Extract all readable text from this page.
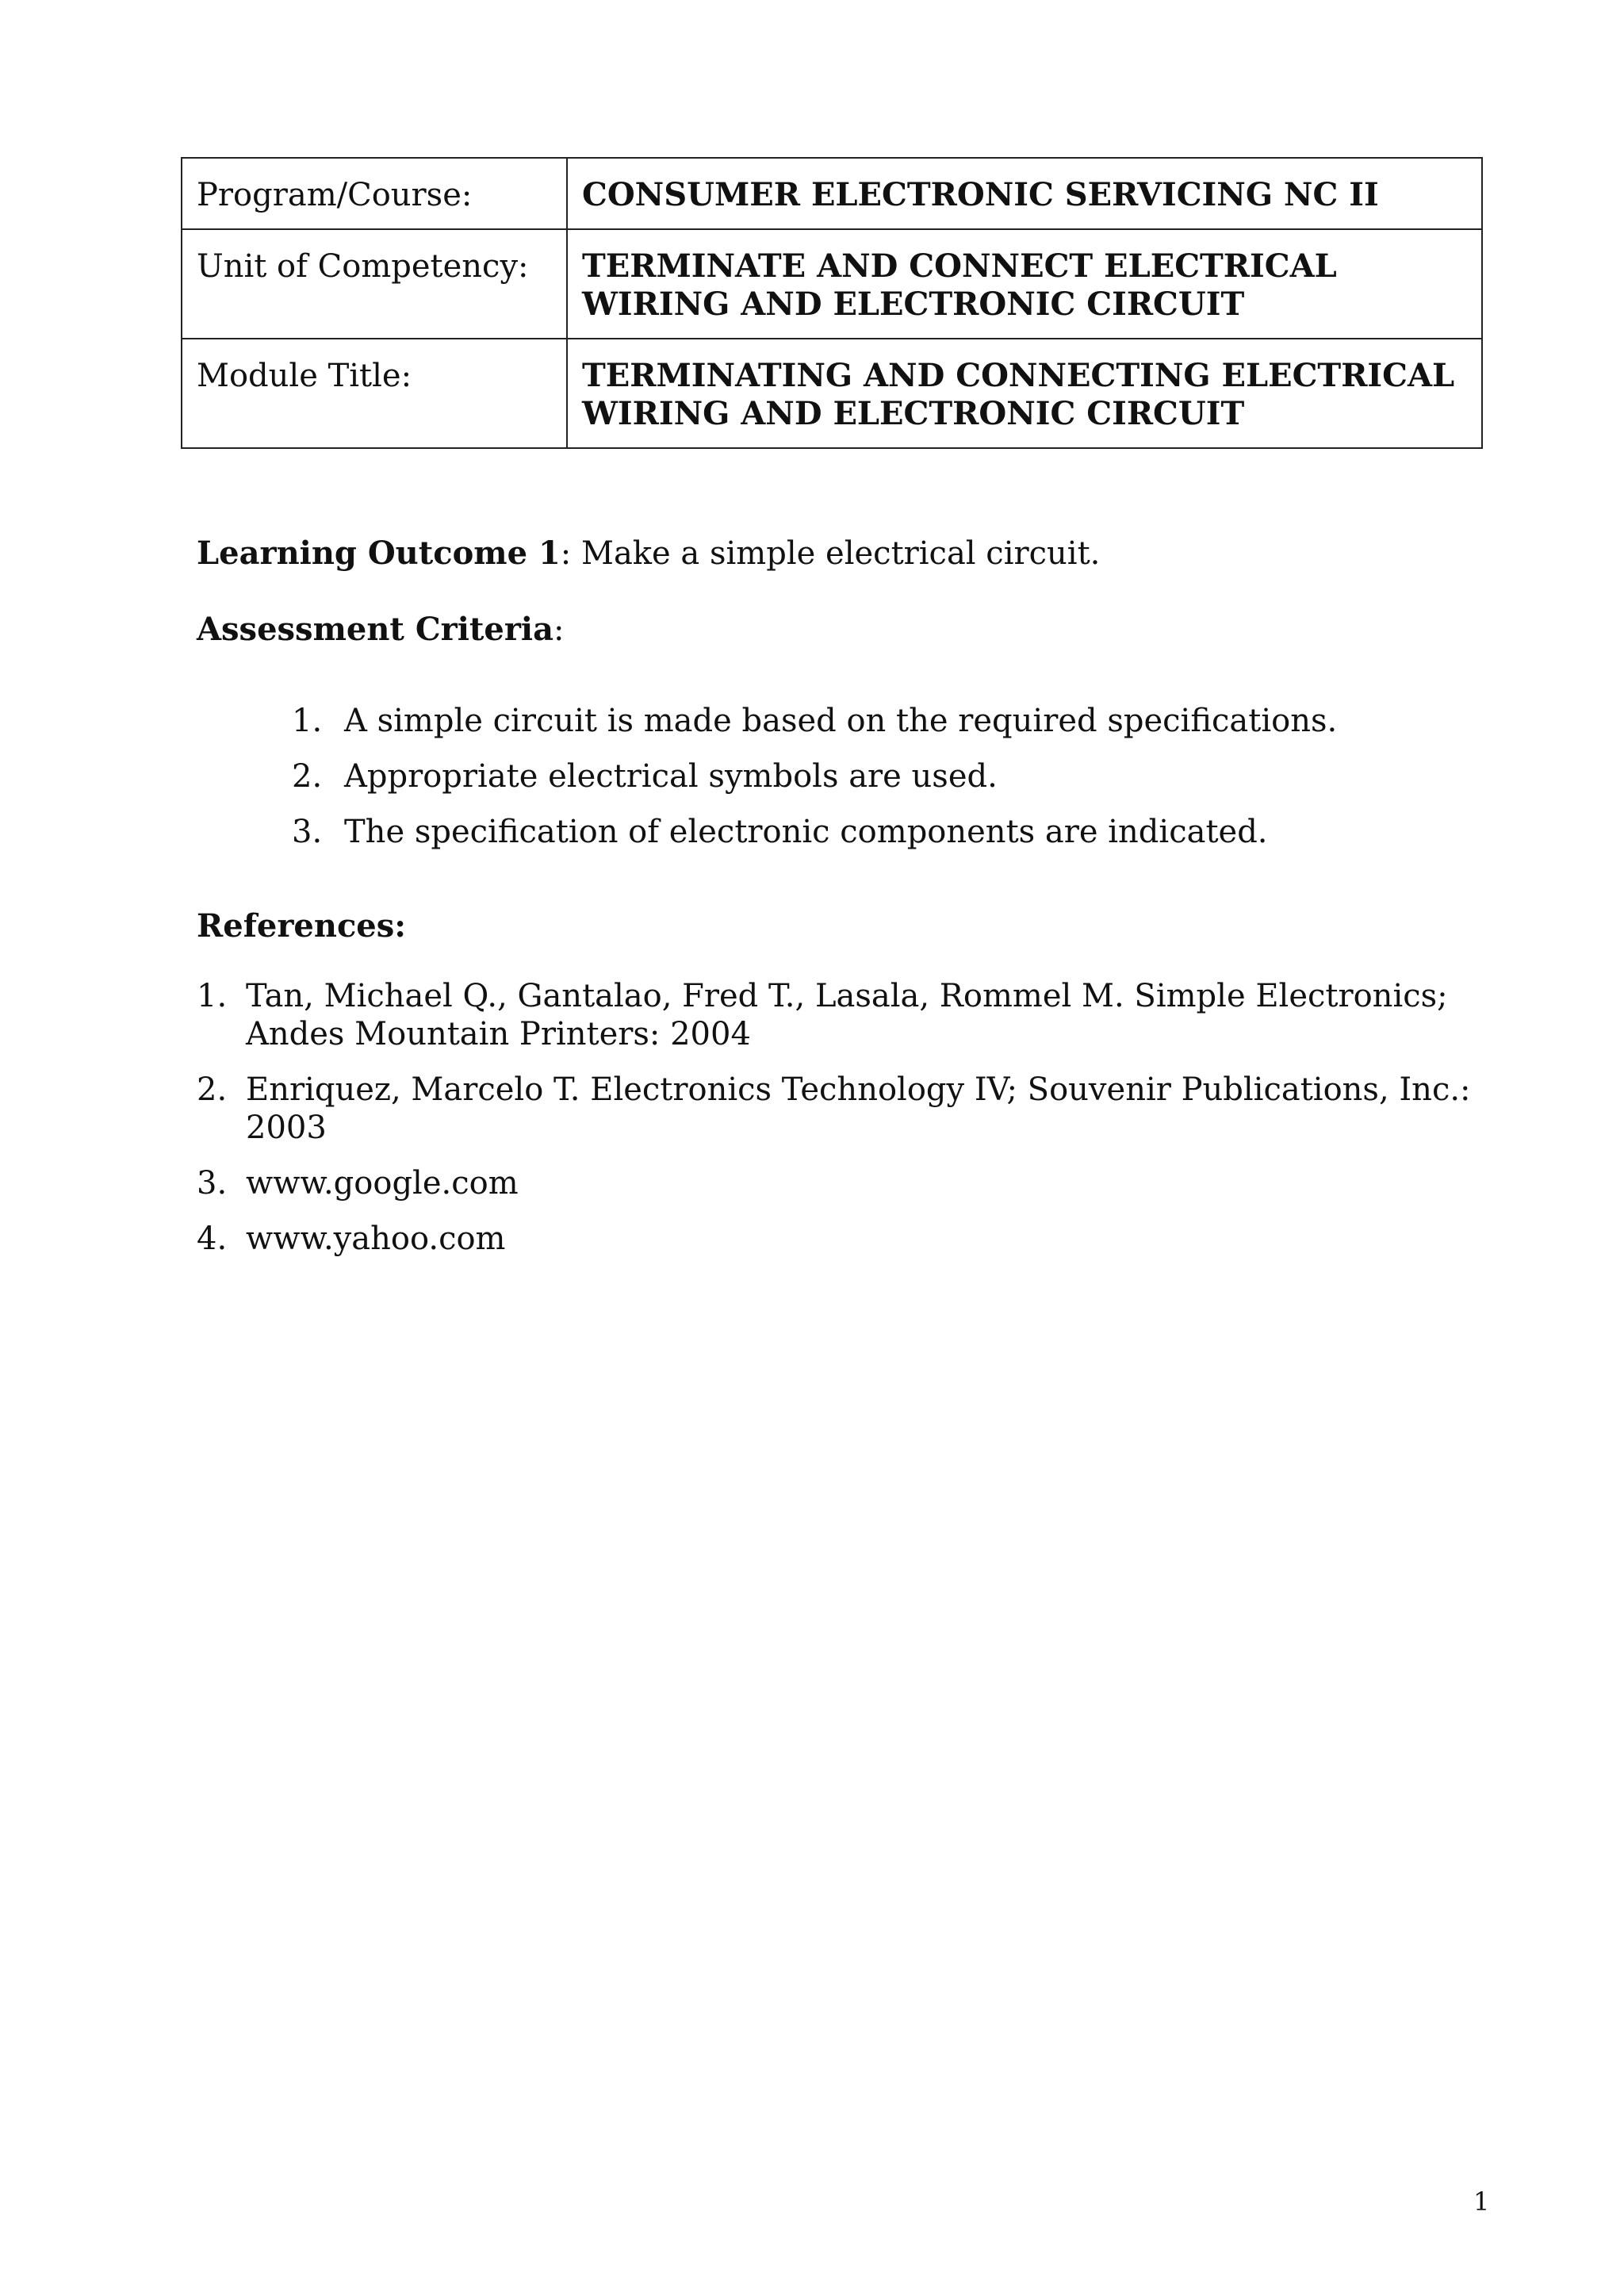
Program/Course:	CONSUMER ELECTRONIC SERVICING NC II
Unit of Competency:	TERMINATE AND CONNECT ELECTRICAL WIRING AND ELECTRONIC CIRCUIT
Module Title:	TERMINATING AND CONNECTING ELECTRICAL WIRING AND ELECTRONIC CIRCUIT

Learning Outcome 1: Make a simple electrical circuit.

Assessment Criteria:

1. A simple circuit is made based on the required specifications.
2. Appropriate electrical symbols are used.
3. The specification of electronic components are indicated.

References:

1. Tan, Michael Q., Gantalao, Fred T., Lasala, Rommel M. Simple Electronics; Andes Mountain Printers: 2004
2. Enriquez, Marcelo T. Electronics Technology IV; Souvenir Publications, Inc.: 2003
3. www.google.com
4. www.yahoo.com
1
